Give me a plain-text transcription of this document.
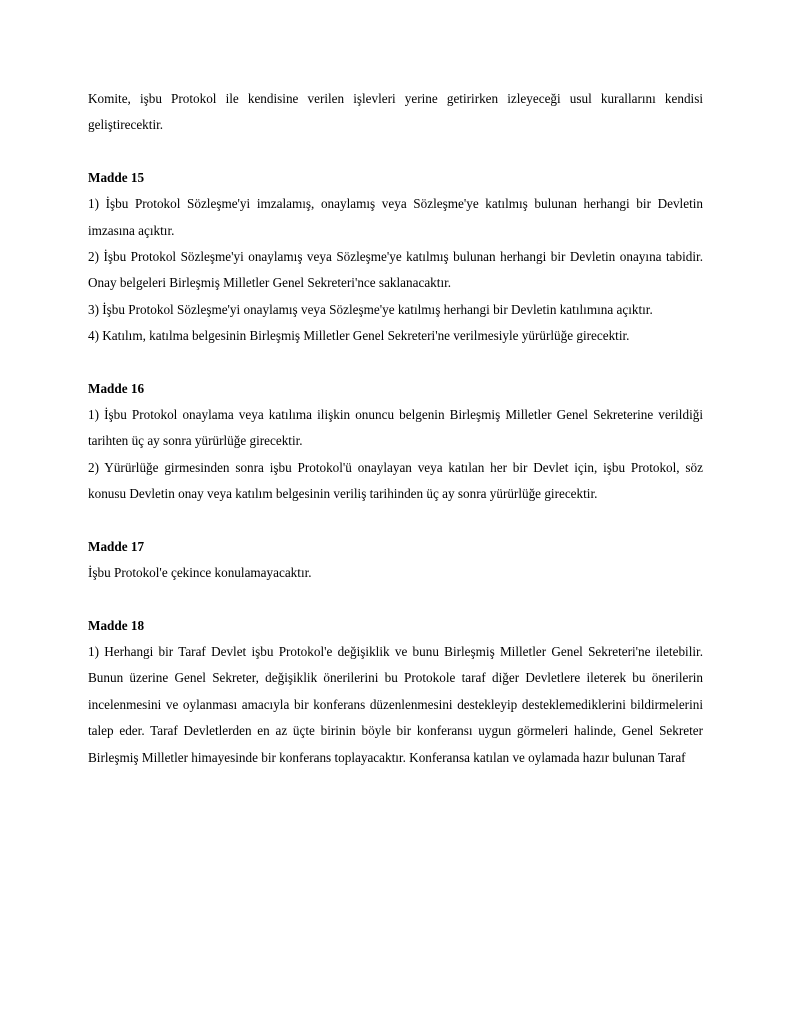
Komite, işbu Protokol ile kendisine verilen işlevleri yerine getirirken izleyeceği usul kurallarını kendisi geliştirecektir.

Madde 15

1) İşbu Protokol Sözleşme'yi imzalamış, onaylamış veya Sözleşme'ye katılmış bulunan herhangi bir Devletin imzasına açıktır.

2) İşbu Protokol Sözleşme'yi onaylamış veya Sözleşme'ye katılmış bulunan herhangi bir Devletin onayına tabidir. Onay belgeleri Birleşmiş Milletler Genel Sekreteri'nce saklanacaktır.

3) İşbu Protokol Sözleşme'yi onaylamış veya Sözleşme'ye katılmış herhangi bir Devletin katılımına açıktır.

4) Katılım, katılma belgesinin Birleşmiş Milletler Genel Sekreteri'ne verilmesiyle yürürlüğe girecektir.

Madde 16

1) İşbu Protokol onaylama veya katılıma ilişkin onuncu belgenin Birleşmiş Milletler Genel Sekreterine verildiği tarihten üç ay sonra yürürlüğe girecektir.

2) Yürürlüğe girmesinden sonra işbu Protokol'ü onaylayan veya katılan her bir Devlet için, işbu Protokol, söz konusu Devletin onay veya katılım belgesinin veriliş tarihinden üç ay sonra yürürlüğe girecektir.

Madde 17

İşbu Protokol'e çekince konulamayacaktır.

Madde 18

1) Herhangi bir Taraf Devlet işbu Protokol'e değişiklik ve bunu Birleşmiş Milletler Genel Sekreteri'ne iletebilir. Bunun üzerine Genel Sekreter, değişiklik önerilerini bu Protokole taraf diğer Devletlere ileterek bu önerilerin incelenmesini ve oylanması amacıyla bir konferans düzenlenmesini destekleyip desteklemediklerini bildirmelerini talep eder. Taraf Devletlerden en az üçte birinin böyle bir konferansı uygun görmeleri halinde, Genel Sekreter Birleşmiş Milletler himayesinde bir konferans toplayacaktır. Konferansa katılan ve oylamada hazır bulunan Taraf
